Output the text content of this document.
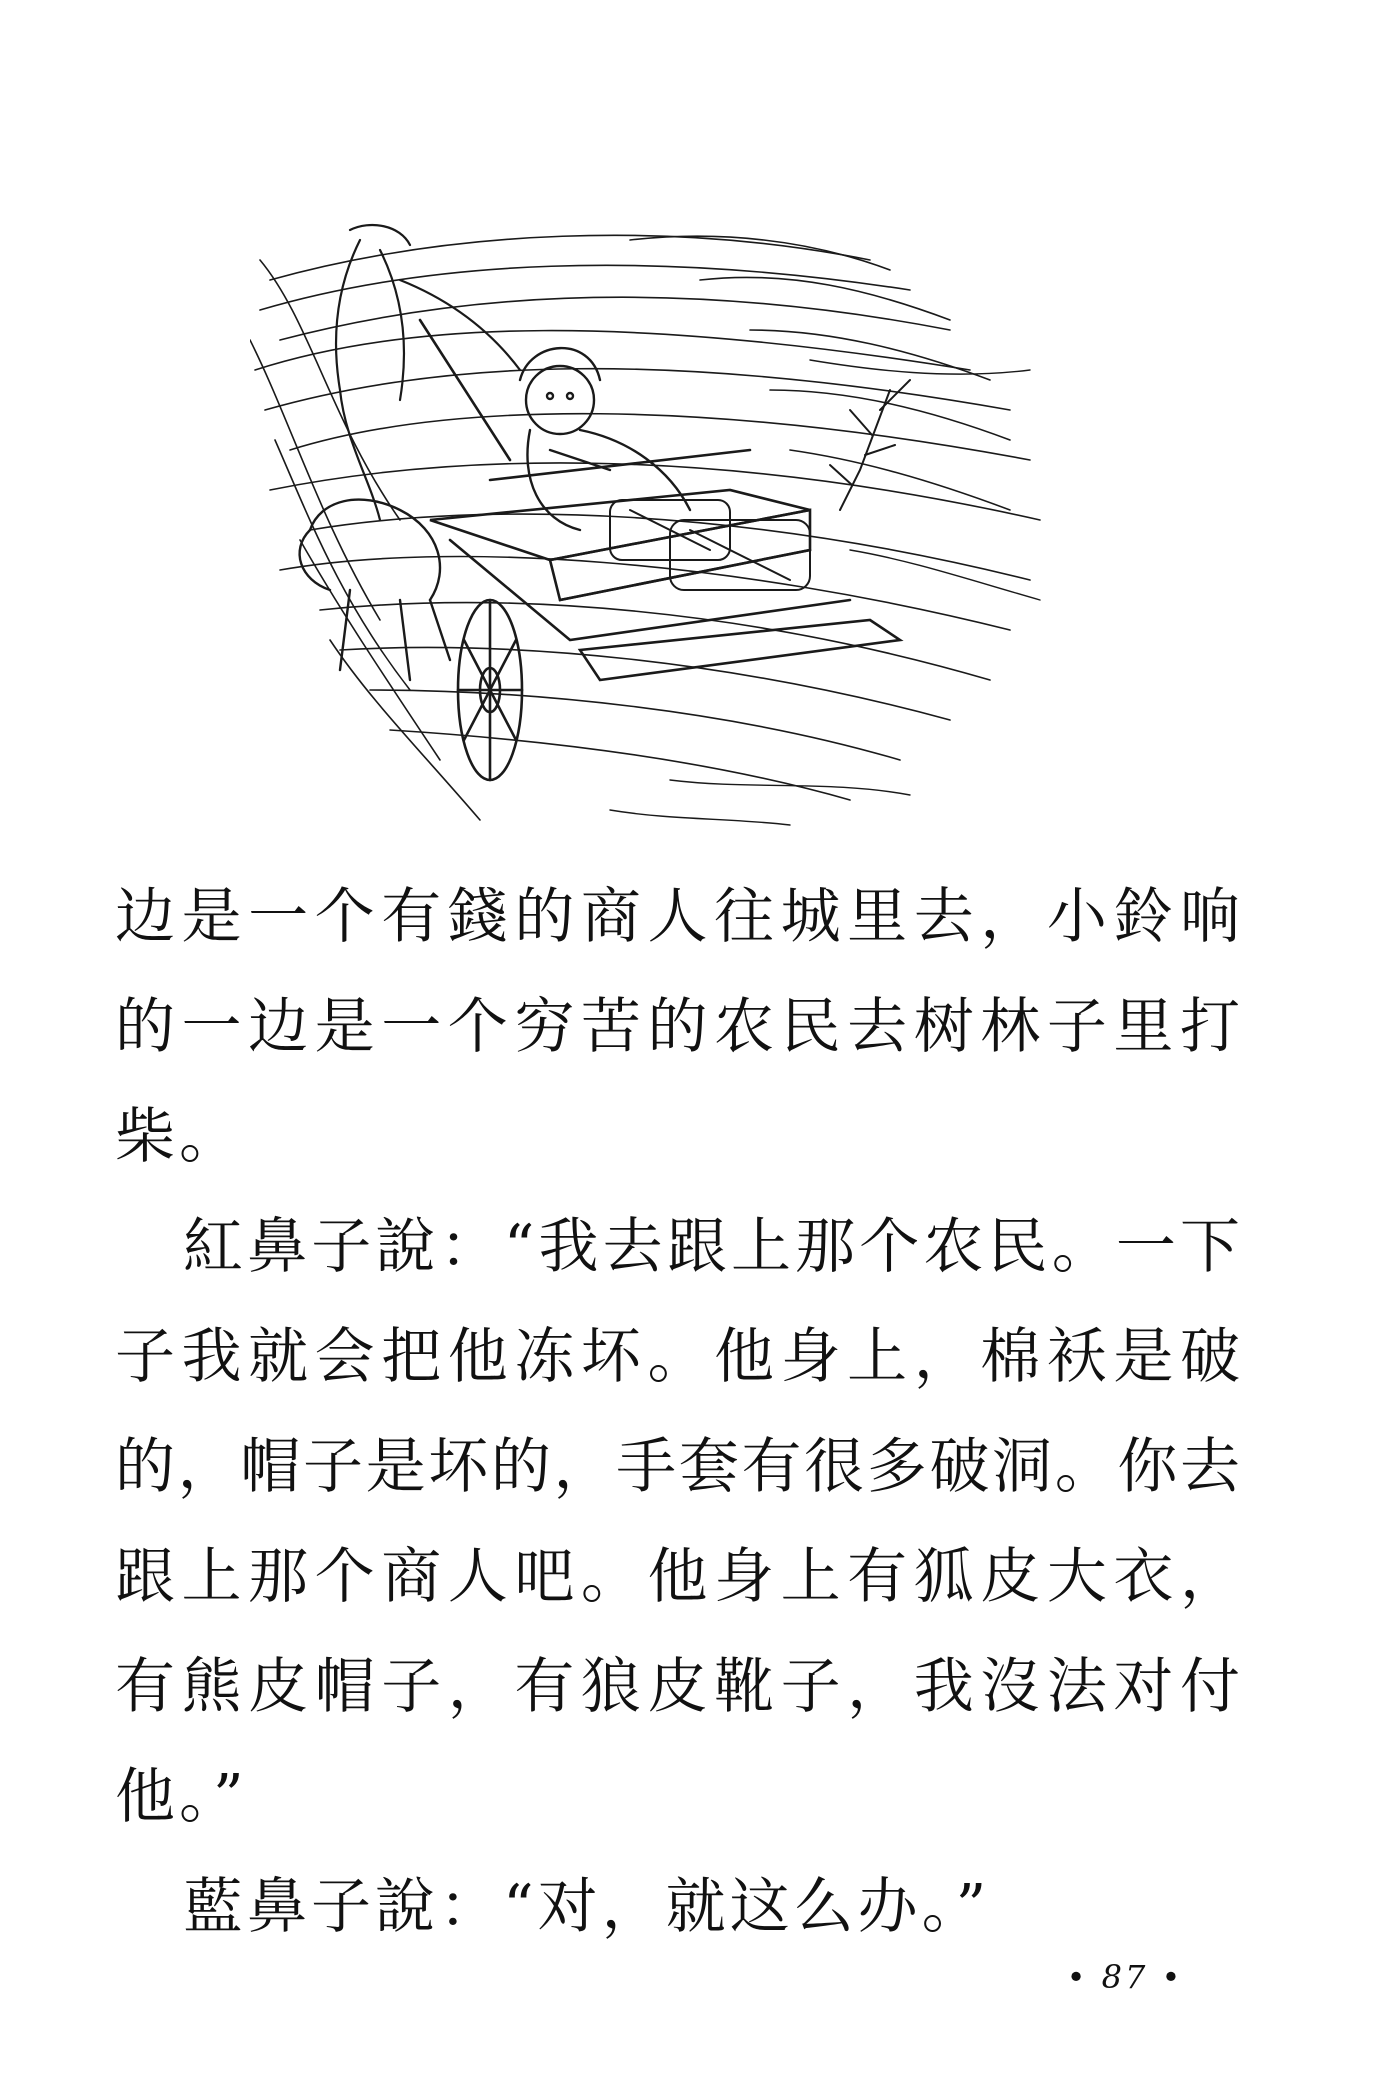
边是一个有錢的商人往城里去，小鈴响
的一边是一个穷苦的农民去树林子里打
柴。
紅鼻子說：“我去跟上那个农民。一下
子我就会把他冻坏。他身上，棉袄是破
的，帽子是坏的，手套有很多破洞。你去
跟上那个商人吧。他身上有狐皮大衣，
有熊皮帽子，有狼皮靴子，我沒法对付
他。”
藍鼻子說：“对，就这么办。”
• 87 •
